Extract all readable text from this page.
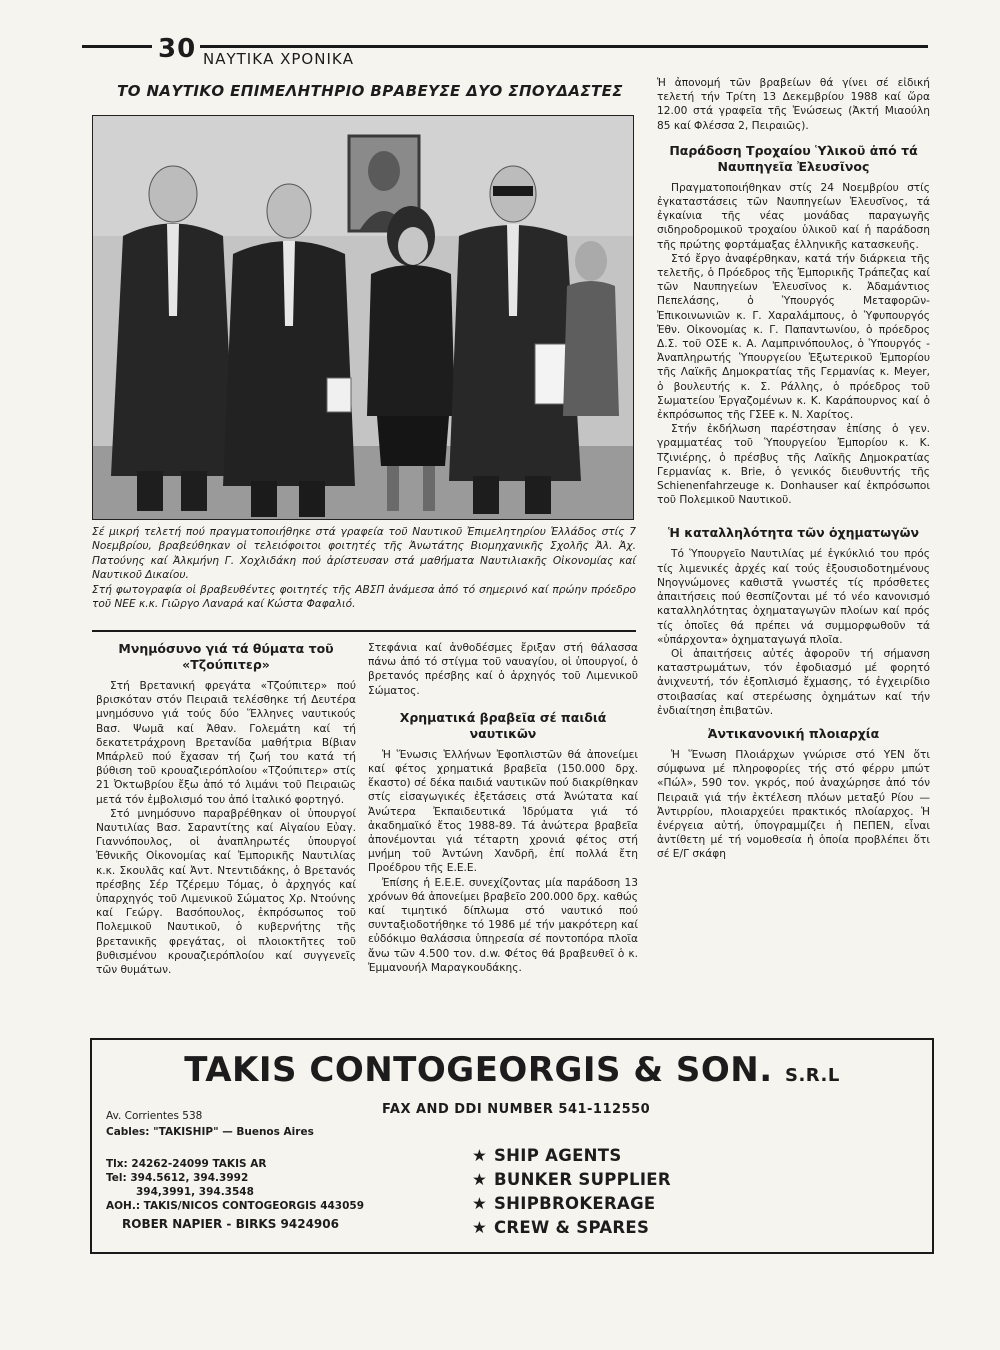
30 ΝΑΥΤΙΚΑ ΧΡΟΝΙΚΑ
ΤΟ ΝΑΥΤΙΚΟ ΕΠΙΜΕΛΗΤΗΡΙΟ ΒΡΑΒΕΥΣΕ ΔΥΟ ΣΠΟΥΔΑΣΤΕΣ

Σέ μικρή τελετή πού πραγματοποιήθηκε στά γραφεία τοῦ Ναυτικοῦ Ἐπιμελητηρίου Ἑλλάδος στίς 7 Νοεμβρίου, βραβεύθηκαν οἱ τελειόφοιτοι φοιτητές τῆς Ἀνωτάτης Βιομηχανικῆς Σχολῆς Ἀλ. Ἀχ. Πατούνης καί Ἀλκμήνη Γ. Χοχλιδάκη πού ἀρίστευσαν στά μαθήματα Ναυτιλιακῆς Οἰκονομίας καί Ναυτικοῦ Δικαίου.

Στή φωτογραφία οἱ βραβευθέντες φοιτητές τῆς ΑΒΣΠ ἀνάμεσα ἀπό τό σημερινό καί πρώην πρόεδρο τοῦ ΝΕΕ κ.κ. Γιῶργο Λαναρά καί Κώστα Φαφαλιό.

Μνημόσυνο γιά τά θύματα τοῦ «Τζούπιτερ»

Στή Βρετανική φρεγάτα «Τζούπιτερ» πού βρισκόταν στόν Πειραιᾶ τελέσθηκε τή Δευτέρα μνημόσυνο γιά τούς δύο Ἕλληνες ναυτικούς Βασ. Ψωμᾶ καί Ἀθαν. Γολεμάτη καί τή δεκατετράχρονη Βρετανίδα μαθήτρια Βίβιαν Μπάρλεϋ πού ἔχασαν τή ζωή του κατά τή βύθιση τοῦ κρουαζιερόπλοίου «Τζούπιτερ» στίς 21 Ὀκτωβρίου ἔξω ἀπό τό λιμάνι τοῦ Πειραιῶς μετά τόν ἐμβολισμό του ἀπό ἰταλικό φορτηγό.

Στό μνημόσυνο παραβρέθηκαν οἱ ὑπουργοί Ναυτιλίας Βασ. Σαραντίτης καί Αἰγαίου Εὐαγ. Γιαννόπουλος, οἱ ἀναπληρωτές ὑπουργοί Ἐθνικῆς Οἰκονομίας καί Ἐμπορικῆς Ναυτιλίας κ.κ. Σκουλᾶς καί Ἀντ. Ντεντιδάκης, ὁ Βρετανός πρέσβης Σέρ Τζέρεμυ Τόμας, ὁ ἀρχηγός καί ὑπαρχηγός τοῦ Λιμενικοῦ Σώματος Χρ. Ντούνης καί Γεώργ. Βασόπουλος, ἐκπρόσωπος τοῦ Πολεμικοῦ Ναυτικοῦ, ὁ κυβερνήτης τῆς βρετανικῆς φρεγάτας, οἱ πλοιοκτῆτες τοῦ βυθισμένου κρουαζιερόπλοίου καί συγγενεῖς τῶν θυμάτων.

Στεφάνια καί ἀνθοδέσμες ἔριξαν στή θάλασσα πάνω ἀπό τό στίγμα τοῦ ναυαγίου, οἱ ὑπουργοί, ὁ βρετανός πρέσβης καί ὁ ἀρχηγός τοῦ Λιμενικοῦ Σώματος.

Χρηματικά βραβεῖα σέ παιδιά ναυτικῶν

Ἡ Ἕνωσις Ἑλλήνων Ἐφοπλιστῶν θά ἀπονείμει καί φέτος χρηματικά βραβεῖα (150.000 δρχ. ἕκαστο) σέ δέκα παιδιά ναυτικῶν πού διακρίθηκαν στίς εἰσαγωγικές ἐξετάσεις στά Ἀνώτατα καί Ἀνώτερα Ἐκπαιδευτικά Ἱδρύματα γιά τό ἀκαδημαϊκό ἔτος 1988-89. Τά ἀνώτερα βραβεῖα ἀπονέμονται γιά τέταρτη χρονιά φέτος στή μνήμη τοῦ Ἀντώνη Χανδρῆ, ἐπί πολλά ἔτη Προέδρου τῆς Ε.Ε.Ε.

Ἐπίσης ἡ Ε.Ε.Ε. συνεχίζοντας μία παράδοση 13 χρόνων θά ἀπονείμει βραβεῖο 200.000 δρχ. καθώς καί τιμητικό δίπλωμα στό ναυτικό πού συνταξιοδοτήθηκε τό 1986 μέ τήν μακρότερη καί εὐδόκιμο θαλάσσια ὑπηρεσία σέ ποντοπόρα πλοῖα ἄνω τῶν 4.500 τον. d.w. Φέτος θά βραβευθεῖ ὁ κ. Ἐμμανουήλ Μαραγκουδάκης.

Ἡ ἀπονομή τῶν βραβείων θά γίνει σέ εἰδική τελετή τήν Τρίτη 13 Δεκεμβρίου 1988 καί ὥρα 12.00 στά γραφεῖα τῆς Ἑνώσεως (Ἀκτή Μιαούλη 85 καί Φλέσσα 2, Πειραιῶς).

Παράδοση Τροχαίου Ὑλικοῦ ἀπό τά Ναυπηγεῖα Ἐλευσῖνος

Πραγματοποιήθηκαν στίς 24 Νοεμβρίου στίς ἐγκαταστάσεις τῶν Ναυπηγείων Ἐλευσῖνος, τά ἐγκαίνια τῆς νέας μονάδας παραγωγῆς σιδηροδρομικοῦ τροχαίου ὑλικοῦ καί ἡ παράδοση τῆς πρώτης φορτάμαξας ἑλληνικῆς κατασκευῆς.

Στό ἔργο ἀναφέρθηκαν, κατά τήν διάρκεια τῆς τελετῆς, ὁ Πρόεδρος τῆς Ἐμπορικῆς Τράπεζας καί τῶν Ναυπηγείων Ἐλευσῖνος κ. Ἀδαμάντιος Πεπελάσης, ὁ Ὑπουργός Μεταφορῶν- Ἐπικοινωνιῶν κ. Γ. Χαραλάμπους, ὁ Ὑφυπουργός Ἐθν. Οἰκονομίας κ. Γ. Παπαντωνίου, ὁ πρόεδρος Δ.Σ. τοῦ ΟΣΕ κ. Α. Λαμπρινόπουλος, ὁ Ὑπουργός - Ἀναπληρωτής Ὑπουργείου Ἐξωτερικοῦ Ἐμπορίου τῆς Λαϊκῆς Δημοκρατίας τῆς Γερμανίας κ. Meyer, ὁ βουλευτής κ. Σ. Ράλλης, ὁ πρόεδρος τοῦ Σωματείου Ἐργαζομένων κ. Κ. Καράπουρνος καί ὁ ἐκπρόσωπος τῆς ΓΣΕΕ κ. Ν. Χαρίτος.

Στήν ἐκδήλωση παρέστησαν ἐπίσης ὁ γεν. γραμματέας τοῦ Ὑπουργείου Ἐμπορίου κ. Κ. Τζινιέρης, ὁ πρέσβυς τῆς Λαϊκῆς Δημοκρατίας Γερμανίας κ. Brie, ὁ γενικός διευθυντής τῆς Schienenfahrzeuge κ. Donhauser καί ἐκπρόσωποι τοῦ Πολεμικοῦ Ναυτικοῦ.

Ἡ καταλληλότητα τῶν ὀχηματωγῶν

Τό Ὑπουργεῖο Ναυτιλίας μέ ἐγκύκλιό του πρός τίς λιμενικές ἀρχές καί τούς ἐξουσιοδοτημένους Νηογνώμονες καθιστᾶ γνωστές τίς πρόσθετες ἀπαιτήσεις πού θεσπίζονται μέ τό νέο κανονισμό καταλληλότητας ὀχηματαγωγῶν πλοίων καί πρός τίς ὁποῖες θά πρέπει νά συμμορφωθοῦν τά «ὑπάρχοντα» ὀχηματαγωγά πλοῖα.

Οἱ ἀπαιτήσεις αὐτές ἀφοροῦν τή σήμανση καταστρωμάτων, τόν ἐφοδιασμό μέ φορητό ἀνιχνευτή, τόν ἐξοπλισμό ἔχμασης, τό ἐγχειρίδιο στοιβασίας καί στερέωσης ὀχημάτων καί τήν ἐνδιαίτηση ἐπιβατῶν.

Ἀντικανονική πλοιαρχία

Ἡ Ἕνωση Πλοιάρχων γνώρισε στό ΥΕΝ ὅτι σύμφωνα μέ πληροφορίες τής στό φέρρυ μπώτ «Πώλ», 590 τον. γκρός, πού ἀναχώρησε ἀπό τόν Πειραιᾶ γιά τήν ἐκτέλεση πλόων μεταξύ Ρίου — Ἀντιρρίου, πλοιαρχεύει πρακτικός πλοίαρχος. Ἡ ἐνέργεια αὐτή, ὑπογραμμίζει ἡ ΠΕΠΕΝ, εἶναι ἀντίθετη μέ τή νομοθεσία ἡ ὁποία προβλέπει ὅτι σέ Ε/Γ σκάφη

TAKIS CONTOGEORGIS & SON. S.R.L
FAX AND DDI NUMBER 541-112550
Av. Corrientes 538
Cables: "TAKISHIP" — Buenos Aires
Tlx: 24262-24099 TAKIS AR
Tel: 394.5612, 394.3992
394,3991, 394.3548
AOH.: TAKIS/NICOS CONTOGEORGIS 443059
ROBER NAPIER - BIRKS 9424906
★ SHIP AGENTS
★ BUNKER SUPPLIER
★ SHIPBROKERAGE
★ CREW & SPARES
